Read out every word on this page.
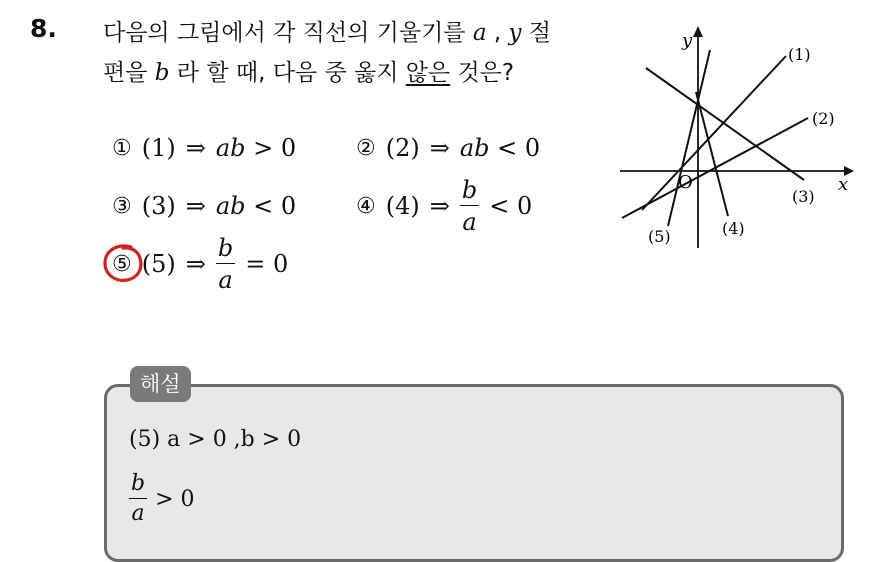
8. 다음의 그림에서 각 직선의 기울기를 a , y 절
편을 b 라 할 때, 다음 중 옳지 않은 것은?
① (1) ⇒ ab > 0	② (2) ⇒ ab < 0
③ (3) ⇒ ab < 0	④ (4) ⇒ $\frac{b}{a} < 0$
⑤ (5) ⇒ $\frac{b}{a} = 0$
y
x
O
(1)
(2)
(3)
(4)
(5)
해설
(5) a > 0 ,b > 0
$\frac{b}{a} > 0$
